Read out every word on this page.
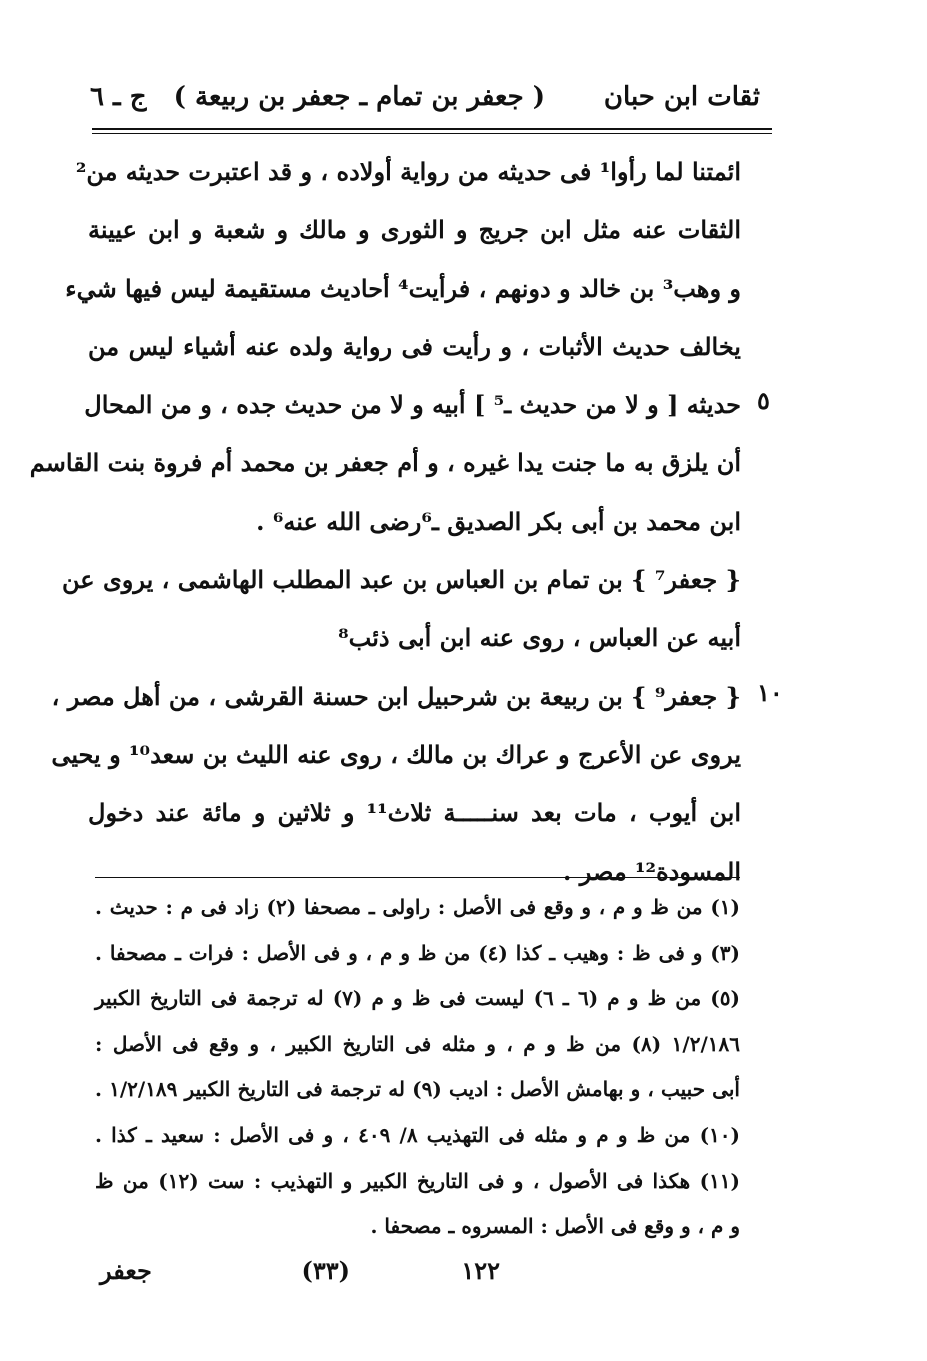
ثقات ابن حبان
( جعفر بن تمام ـ جعفر بن ربيعة )
ج ـ ٦
ائمتنا لما رأوا¹ فى حديثه من رواية أولاده ، و قد اعتبرت حديثه من²
الثقات عنه مثل ابن جريج و الثورى و مالك و شعبة و ابن عيينة
و وهب³ بن خالد و دونهم ، فرأيت⁴ أحاديث مستقيمة ليس فيها شيء
يخالف حديث الأثبات ، و رأيت فى رواية ولده عنه أشياء ليس من
حديثه [ و لا من حديث ـ⁵ ] أبيه و لا من حديث جده ، و من المحال
أن يلزق به ما جنت يدا غيره ، و أم جعفر بن محمد أم فروة بنت القاسم
ابن محمد بن أبى بكر الصديق ـ⁶رضى الله عنه⁶ .
{ جعفر⁷ } بن تمام بن العباس بن عبد المطلب الهاشمى ، يروى عن
أبيه عن العباس ، روى عنه ابن أبى ذئب⁸
{ جعفر⁹ } بن ربيعة بن شرحبيل ابن حسنة القرشى ، من أهل مصر ،
يروى عن الأعرج و عراك بن مالك ، روى عنه الليث بن سعد¹⁰ و يحيى
ابن أيوب ، مات بعد سنـــــة ثلاث¹¹ و ثلاثين و مائة عند دخول
المسودة¹² مصر .
٥
١٠
(١) من ظ و م ، و وقع فى الأصل : راولى ـ مصحفا (٢) زاد فى م : حديث .
(٣) و فى ظ : وهيب ـ كذا (٤) من ظ و م ، و فى الأصل : فرات ـ مصحفا .
(٥) من ظ و م (٦ ـ ٦) ليست فى ظ و م (٧) له ترجمة فى التاريخ الكبير
١/٢/١٨٦ (٨) من ظ و م ، و مثله فى التاريخ الكبير ، و وقع فى الأصل :
أبى حبيب ، و بهامش الأصل : اديب (٩) له ترجمة فى التاريخ الكبير ١/٢/١٨٩ .
(١٠) من ظ و م و مثله فى التهذيب ٨/ ٤٠٩ ، و فى الأصل : سعيد ـ كذا .
(١١) هكذا فى الأصول ، و فى التاريخ الكبير و التهذيب : ست (١٢) من ظ
و م ، و وقع فى الأصل : المسروه ـ مصحفا .
١٢٢
(٣٣)
جعفر
